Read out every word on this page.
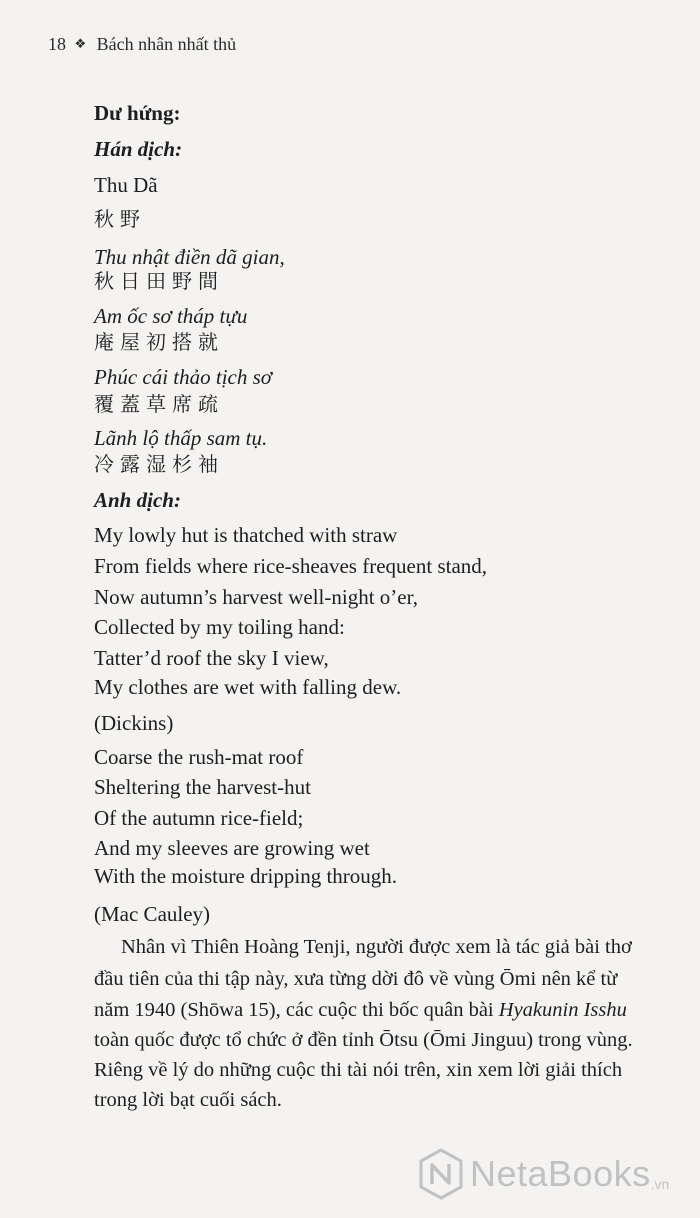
18 ❖ Bách nhân nhất thủ
Dư hứng:
Hán dịch:
Thu Dã
秋野
Thu nhật điền dã gian,
秋日田野間
Am ốc sơ tháp tựu
庵屋初搭就
Phúc cái thảo tịch sơ
覆蓋草席疏
Lãnh lộ thấp sam tụ.
冷露湿杉袖
Anh dịch:
My lowly hut is thatched with straw
From fields where rice-sheaves frequent stand,
Now autumn’s harvest well-night o’er,
Collected by my toiling hand:
Tatter’d roof the sky I view,
My clothes are wet with falling dew.
(Dickins)
Coarse the rush-mat roof
Sheltering the harvest-hut
Of the autumn rice-field;
And my sleeves are growing wet
With the moisture dripping through.
(Mac Cauley)
Nhân vì Thiên Hoàng Tenji, người được xem là tác giả bài thơ
đầu tiên của thi tập này, xưa từng dời đô về vùng Ōmi nên kể từ
năm 1940 (Shōwa 15), các cuộc thi bốc quân bài Hyakunin Isshu
toàn quốc được tổ chức ở đền tỉnh Ōtsu (Ōmi Jinguu) trong vùng.
Riêng về lý do những cuộc thi tài nói trên, xin xem lời giải thích
trong lời bạt cuối sách.
NetaBooks .vn
